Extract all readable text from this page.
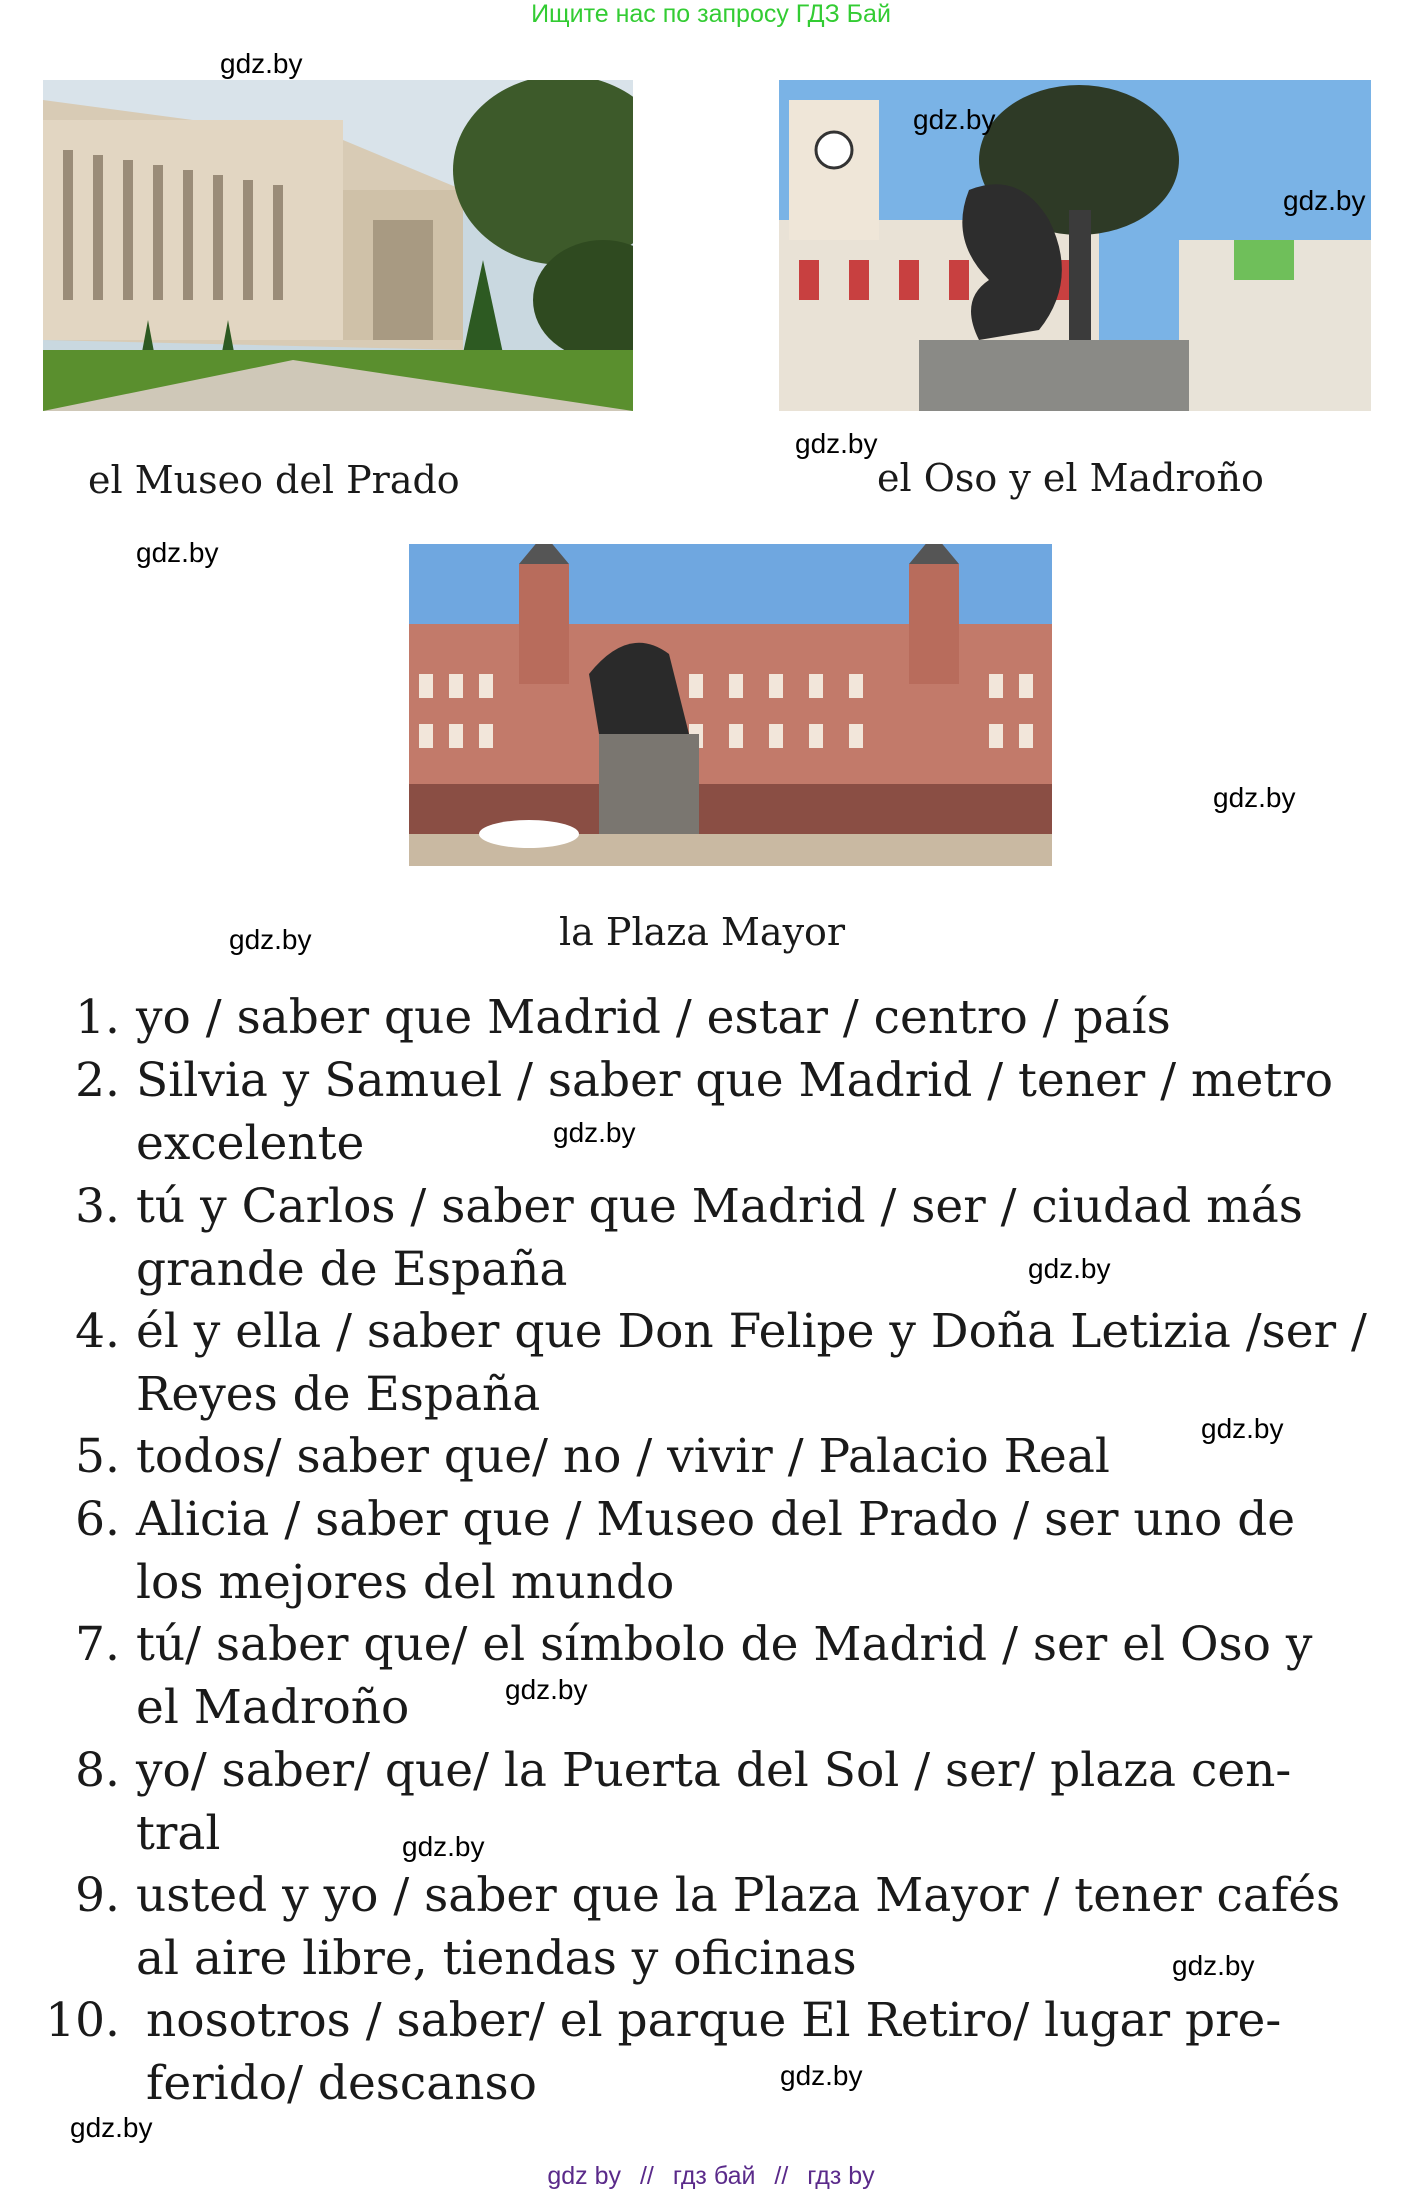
Ищите нас по запросу ГДЗ Бай
gdz.by
el Museo del Prado
gdz.by
gdz.by
gdz.by
el Oso y el Madroño
gdz.by
gdz.by
gdz.by	la Plaza Mayor
1. yo / saber que Madrid / estar / centro / país
2. Silvia y Samuel / saber que Madrid / tener / metro
excelente
3. tú y Carlos / saber que Madrid / ser / ciudad más
grande de España
4. él y ella / saber que Don Felipe y Doña Letizia /ser /
Reyes de España
5. todos/ saber que/ no / vivir / Palacio Real
6. Alicia / saber que / Museo del Prado / ser uno de
los mejores del mundo
7. tú/ saber que/ el símbolo de Madrid / ser el Oso y
el Madroño
8. yo/ saber/ que/ la Puerta del Sol / ser/ plaza cen-
tral
9. usted y yo / saber que la Plaza Mayor / tener cafés
al aire libre, tiendas y oficinas
10. nosotros / saber/ el parque El Retiro/ lugar pre-
ferido/ descanso
gdz.by
gdz.by
gdz.by
gdz.by
gdz.by
gdz.by
gdz.by
gdz.by
gdz by // гдз бай // гдз by
